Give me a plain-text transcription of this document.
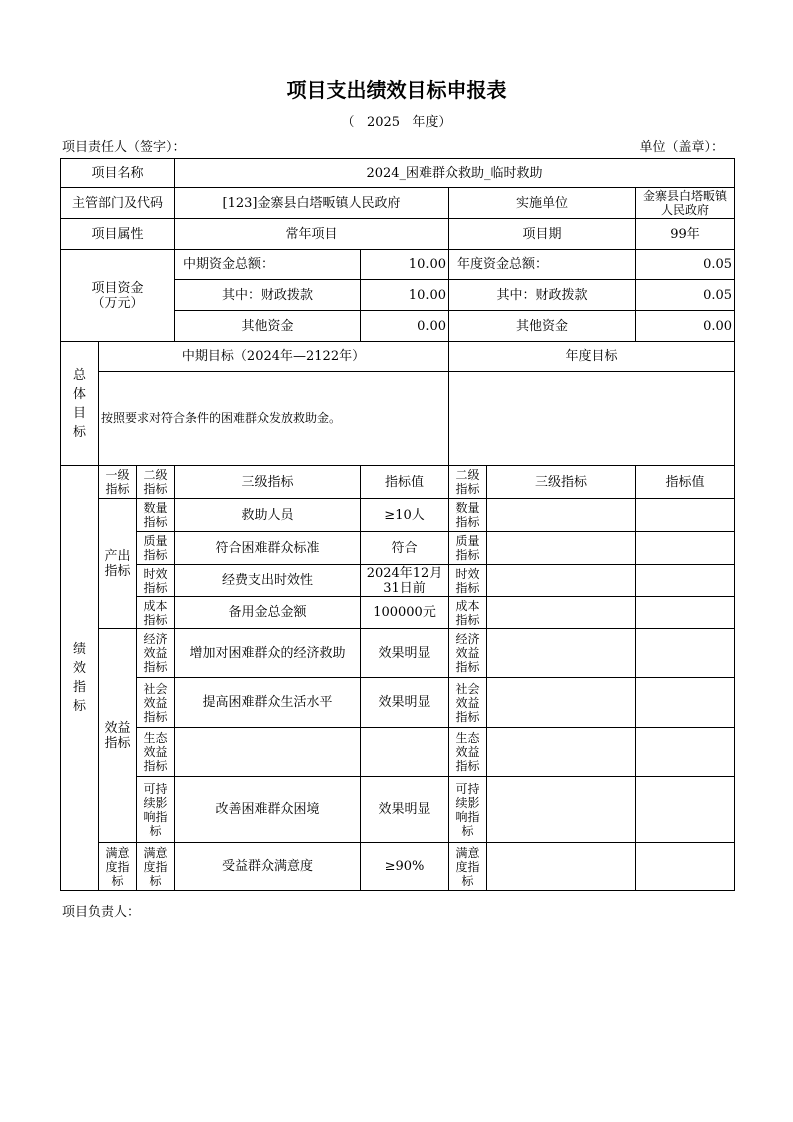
项目支出绩效目标申报表
（   2025   年度）
项目责任人（签字）：	单位（盖章）：
项目名称			2024_困难群众救助_临时救助				
主管部门及代码			[123]金寨县白塔畈镇人民政府		实施单位		金寨县白塔畈镇人民政府
项目属性			常年项目		项目期		99年
项目资金（万元）			中期资金总额：	10.00	年度资金总额：		0.05
			其中：财政拨款	10.00	其中：财政拨款		0.05
			其他资金	0.00	其他资金		0.00
总体目标	中期目标（2024年—2122年）				年度目标		
	按照要求对符合条件的困难群众发放救助金。						
绩效指标	一级指标	二级指标	三级指标	指标值	二级指标	三级指标	指标值
	产出指标	数量指标	救助人员	≥10人	数量指标		
		质量指标	符合困难群众标准	符合	质量指标		
		时效指标	经费支出时效性	2024年12月31日前	时效指标		
		成本指标	备用金总金额	100000元	成本指标		
	效益指标	经济效益指标	增加对困难群众的经济救助	效果明显	经济效益指标		
		社会效益指标	提高困难群众生活水平	效果明显	社会效益指标		
		生态效益指标			生态效益指标		
		可持续影响指标	改善困难群众困境	效果明显	可持续影响指标		
	满意度指标	满意度指标	受益群众满意度	≥90%	满意度指标		
项目负责人：
